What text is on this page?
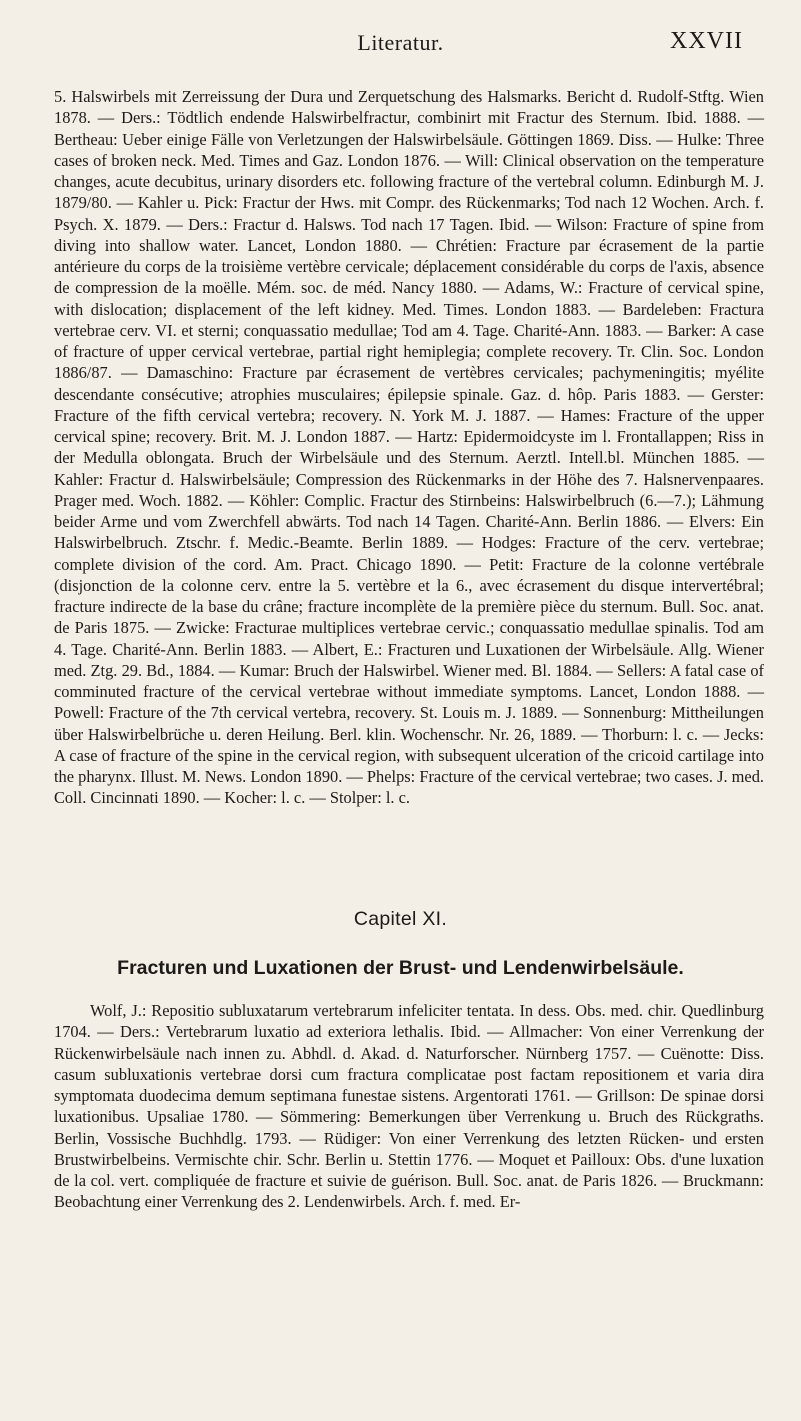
Literatur.	XXVII

5. Halswirbels mit Zerreissung der Dura und Zerquetschung des Halsmarks. Bericht d. Rudolf-Stftg. Wien 1878. — Ders.: Tödtlich endende Halswirbelfractur, combinirt mit Fractur des Sternum. Ibid. 1888. — Bertheau: Ueber einige Fälle von Verletzungen der Halswirbelsäule. Göttingen 1869. Diss. — Hulke: Three cases of broken neck. Med. Times and Gaz. London 1876. — Will: Clinical observation on the temperature changes, acute decubitus, urinary disorders etc. following fracture of the vertebral column. Edinburgh M. J. 1879/80. — Kahler u. Pick: Fractur der Hws. mit Compr. des Rückenmarks; Tod nach 12 Wochen. Arch. f. Psych. X. 1879. — Ders.: Fractur d. Halsws. Tod nach 17 Tagen. Ibid. — Wilson: Fracture of spine from diving into shallow water. Lancet, London 1880. — Chrétien: Fracture par écrasement de la partie antérieure du corps de la troisième vertèbre cervicale; déplacement considérable du corps de l'axis, absence de compression de la moëlle. Mém. soc. de méd. Nancy 1880. — Adams, W.: Fracture of cervical spine, with dislocation; displacement of the left kidney. Med. Times. London 1883. — Bardeleben: Fractura vertebrae cerv. VI. et sterni; conquassatio medullae; Tod am 4. Tage. Charité-Ann. 1883. — Barker: A case of fracture of upper cervical vertebrae, partial right hemiplegia; complete recovery. Tr. Clin. Soc. London 1886/87. — Damaschino: Fracture par écrasement de vertèbres cervicales; pachymeningitis; myélite descendante consécutive; atrophies musculaires; épilepsie spinale. Gaz. d. hôp. Paris 1883. — Gerster: Fracture of the fifth cervical vertebra; recovery. N. York M. J. 1887. — Hames: Fracture of the upper cervical spine; recovery. Brit. M. J. London 1887. — Hartz: Epidermoidcyste im l. Frontallappen; Riss in der Medulla oblongata. Bruch der Wirbelsäule und des Sternum. Aerztl. Intell.bl. München 1885. — Kahler: Fractur d. Halswirbelsäule; Compression des Rückenmarks in der Höhe des 7. Halsnervenpaares. Prager med. Woch. 1882. — Köhler: Complic. Fractur des Stirnbeins: Halswirbelbruch (6.—7.); Lähmung beider Arme und vom Zwerchfell abwärts. Tod nach 14 Tagen. Charité-Ann. Berlin 1886. — Elvers: Ein Halswirbelbruch. Ztschr. f. Medic.-Beamte. Berlin 1889. — Hodges: Fracture of the cerv. vertebrae; complete division of the cord. Am. Pract. Chicago 1890. — Petit: Fracture de la colonne vertébrale (disjonction de la colonne cerv. entre la 5. vertèbre et la 6., avec écrasement du disque intervertébral; fracture indirecte de la base du crâne; fracture incomplète de la première pièce du sternum. Bull. Soc. anat. de Paris 1875. — Zwicke: Fracturae multiplices vertebrae cervic.; conquassatio medullae spinalis. Tod am 4. Tage. Charité-Ann. Berlin 1883. — Albert, E.: Fracturen und Luxationen der Wirbelsäule. Allg. Wiener med. Ztg. 29. Bd., 1884. — Kumar: Bruch der Halswirbel. Wiener med. Bl. 1884. — Sellers: A fatal case of comminuted fracture of the cervical vertebrae without immediate symptoms. Lancet, London 1888. — Powell: Fracture of the 7th cervical vertebra, recovery. St. Louis m. J. 1889. — Sonnenburg: Mittheilungen über Halswirbelbrüche u. deren Heilung. Berl. klin. Wochenschr. Nr. 26, 1889. — Thorburn: l. c. — Jecks: A case of fracture of the spine in the cervical region, with subsequent ulceration of the cricoid cartilage into the pharynx. Illust. M. News. London 1890. — Phelps: Fracture of the cervical vertebrae; two cases. J. med. Coll. Cincinnati 1890. — Kocher: l. c. — Stolper: l. c.

Capitel XI.
Fracturen und Luxationen der Brust- und Lendenwirbelsäule.
Wolf, J.: Repositio subluxatarum vertebrarum infeliciter tentata. In dess. Obs. med. chir. Quedlinburg 1704. — Ders.: Vertebrarum luxatio ad exteriora lethalis. Ibid. — Allmacher: Von einer Verrenkung der Rückenwirbelsäule nach innen zu. Abhdl. d. Akad. d. Naturforscher. Nürnberg 1757. — Cuënotte: Diss. casum subluxationis vertebrae dorsi cum fractura complicatae post factam repositionem et varia dira symptomata duodecima demum septimana funestae sistens. Argentorati 1761. — Grillson: De spinae dorsi luxationibus. Upsaliae 1780. — Sömmering: Bemerkungen über Verrenkung u. Bruch des Rückgraths. Berlin, Vossische Buchhdlg. 1793. — Rüdiger: Von einer Verrenkung des letzten Rücken- und ersten Brustwirbelbeins. Vermischte chir. Schr. Berlin u. Stettin 1776. — Moquet et Pailloux: Obs. d'une luxation de la col. vert. compliquée de fracture et suivie de guérison. Bull. Soc. anat. de Paris 1826. — Bruckmann: Beobachtung einer Verrenkung des 2. Lendenwirbels. Arch. f. med. Er-
